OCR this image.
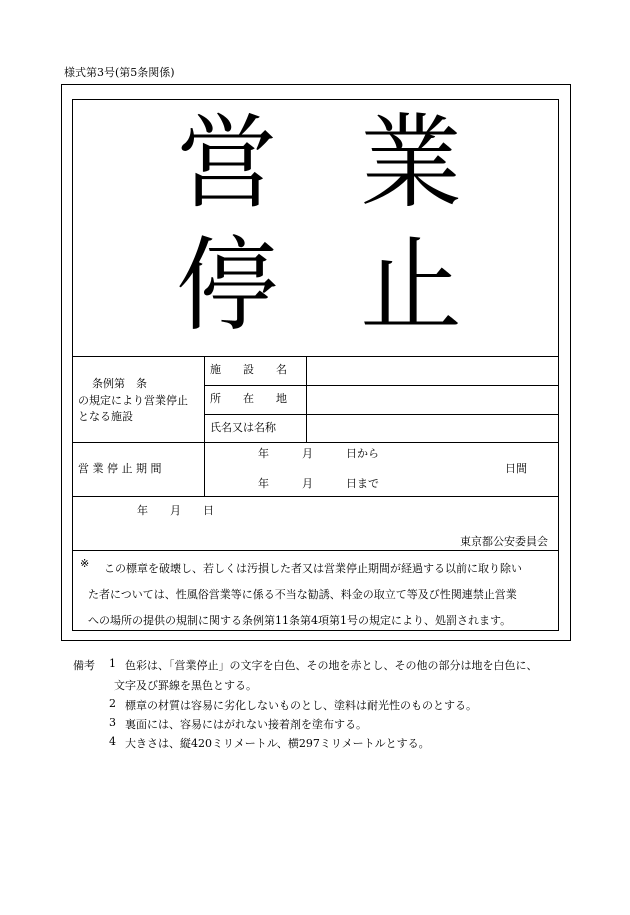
様式第3号(第5条関係)
営 業
停 止
条例第　条
の規定により営業停止
となる施設
施　　設　　名
所　　在　　地
氏名又は名称
営 業 停 止 期 間
年　　　月　　　日から
年　　　月　　　日まで
日間
年　　月　　日
東京都公安委員会
※	この標章を破壊し、若しくは汚損した者又は営業停止期間が経過する以前に取り除い
た者については、性風俗営業等に係る不当な勧誘、料金の取立て等及び性関連禁止営業
への場所の提供の規制に関する条例第11条第4項第1号の規定により、処罰されます。
備考 1 色彩は、「営業停止」の文字を白色、その地を赤とし、その他の部分は地を白色に、
文字及び罫線を黒色とする。
2 標章の材質は容易に劣化しないものとし、塗料は耐光性のものとする。
3 裏面には、容易にはがれない接着剤を塗布する。
4 大きさは、縦420ミリメートル、横297ミリメートルとする。
